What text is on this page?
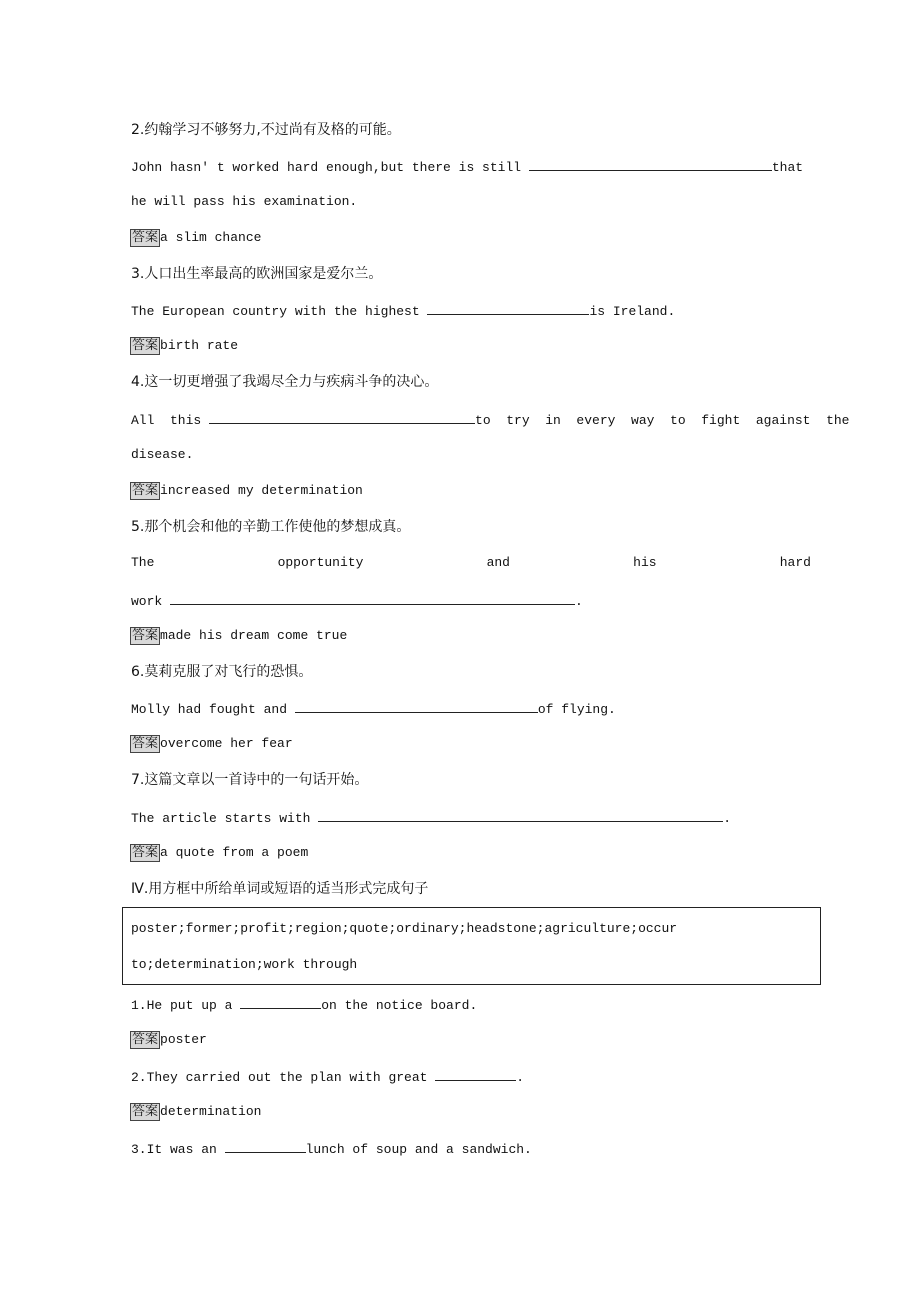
2.约翰学习不够努力,不过尚有及格的可能。
John hasn' t worked hard enough,but there is still	that
he will pass his examination.
答案 a slim chance
3.人口出生率最高的欧洲国家是爱尔兰。
The European country with the highest	is Ireland.
答案 birth rate
4.这一切更增强了我竭尽全力与疾病斗争的决心。
All  this	to  try  in  every  way  to  fight  against  the
disease.
答案 increased my determination
5.那个机会和他的辛勤工作使他的梦想成真。
The	opportunity	and	his	hard
work	.
答案 made his dream come true
6.莫莉克服了对飞行的恐惧。
Molly had fought and	of flying.
答案 overcome her fear
7.这篇文章以一首诗中的一句话开始。
The article starts with	.
答案 a quote from a poem
Ⅳ.用方框中所给单词或短语的适当形式完成句子
poster;former;profit;region;quote;ordinary;headstone;agriculture;occur
to;determination;work through
1.He put up a	on the notice board.
答案 poster
2.They carried out the plan with great	.
答案 determination
3.It was an	lunch of soup and a sandwich.
